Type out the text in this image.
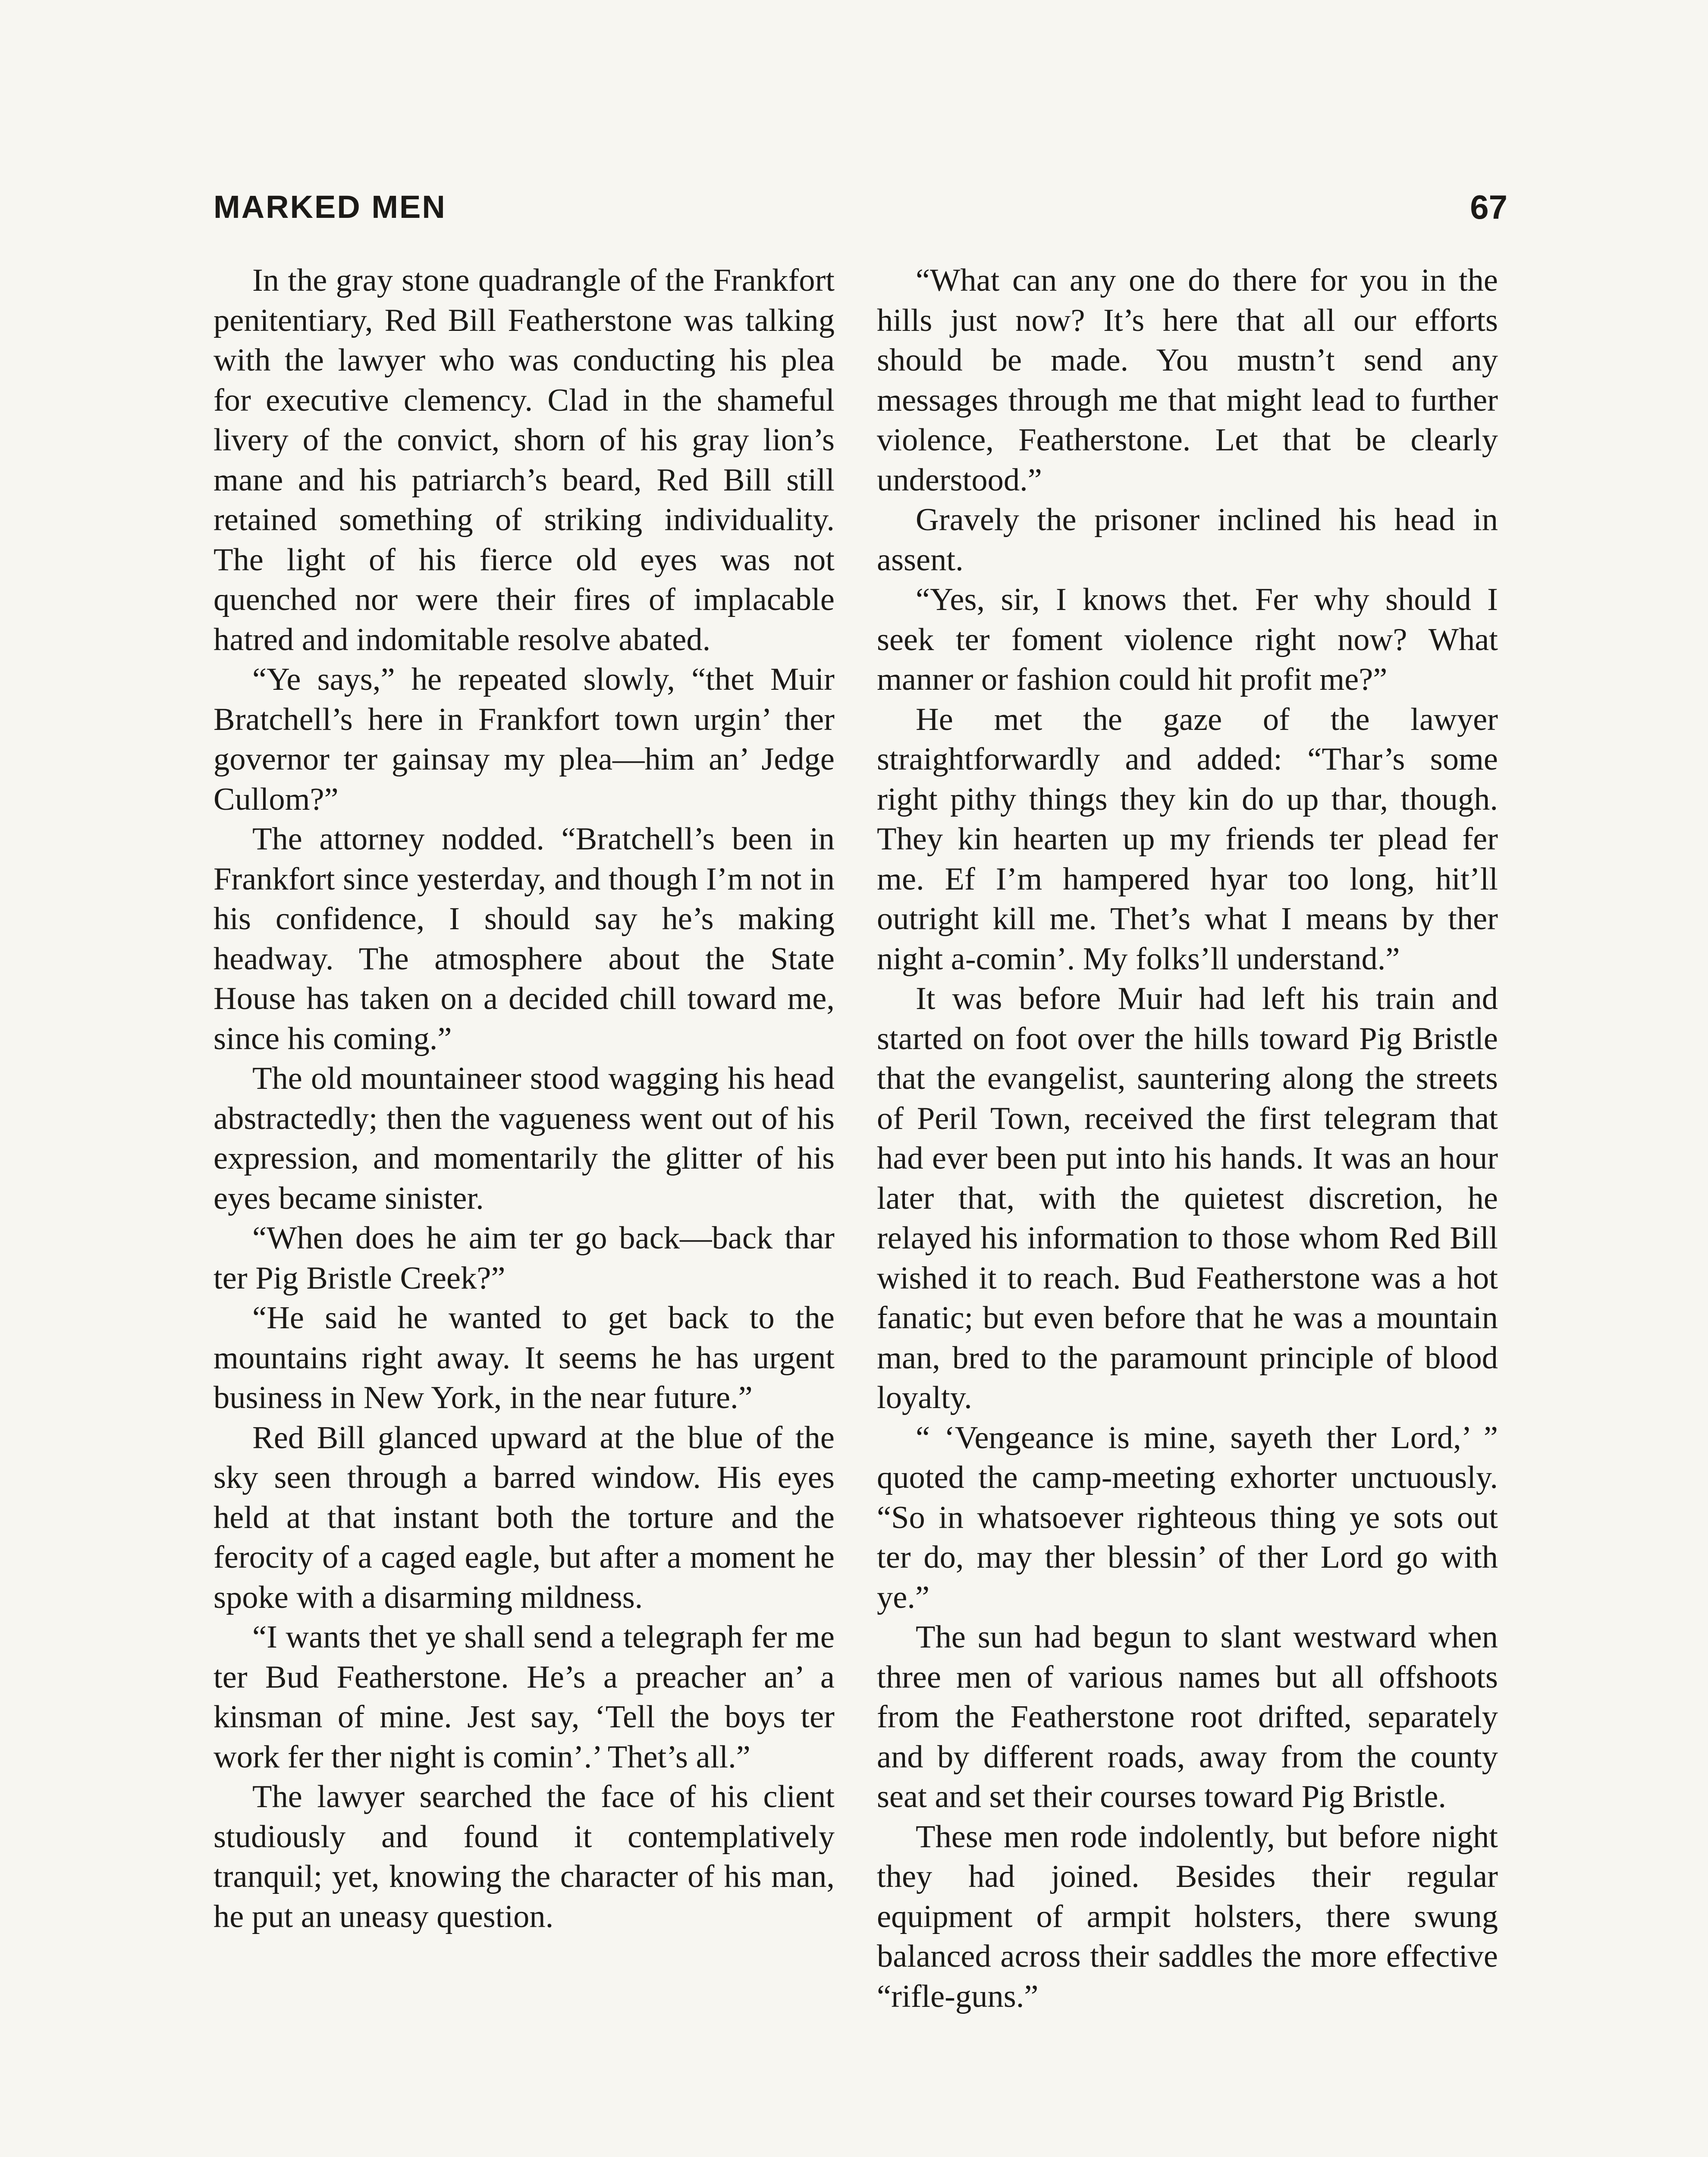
MARKED MEN	67

In the gray stone quadrangle of the Frankfort penitentiary, Red Bill Featherstone was talking with the lawyer who was conducting his plea for executive clemency. Clad in the shameful livery of the convict, shorn of his gray lion’s mane and his patriarch’s beard, Red Bill still retained something of striking individuality. The light of his fierce old eyes was not quenched nor were their fires of implacable hatred and indomitable resolve abated.

“Ye says,” he repeated slowly, “thet Muir Bratchell’s here in Frankfort town urgin’ ther governor ter gainsay my plea—him an’ Jedge Cullom?”

The attorney nodded. “Bratchell’s been in Frankfort since yesterday, and though I’m not in his confidence, I should say he’s making headway. The atmosphere about the State House has taken on a decided chill toward me, since his coming.”

The old mountaineer stood wagging his head abstractedly; then the vagueness went out of his expression, and momentarily the glitter of his eyes became sinister.

“When does he aim ter go back—back thar ter Pig Bristle Creek?”

“He said he wanted to get back to the mountains right away. It seems he has urgent business in New York, in the near future.”

Red Bill glanced upward at the blue of the sky seen through a barred window. His eyes held at that instant both the torture and the ferocity of a caged eagle, but after a moment he spoke with a disarming mildness.

“I wants thet ye shall send a telegraph fer me ter Bud Featherstone. He’s a preacher an’ a kinsman of mine. Jest say, ‘Tell the boys ter work fer ther night is comin’.’ Thet’s all.”

The lawyer searched the face of his client studiously and found it contemplatively tranquil; yet, knowing the character of his man, he put an uneasy question.

“What can any one do there for you in the hills just now? It’s here that all our efforts should be made. You mustn’t send any messages through me that might lead to further violence, Featherstone. Let that be clearly understood.”

Gravely the prisoner inclined his head in assent.

“Yes, sir, I knows thet. Fer why should I seek ter foment violence right now? What manner or fashion could hit profit me?”

He met the gaze of the lawyer straightforwardly and added: “Thar’s some right pithy things they kin do up thar, though. They kin hearten up my friends ter plead fer me. Ef I’m hampered hyar too long, hit’ll outright kill me. Thet’s what I means by ther night a-comin’. My folks’ll understand.”

It was before Muir had left his train and started on foot over the hills toward Pig Bristle that the evangelist, sauntering along the streets of Peril Town, received the first telegram that had ever been put into his hands. It was an hour later that, with the quietest discretion, he relayed his information to those whom Red Bill wished it to reach. Bud Featherstone was a hot fanatic; but even before that he was a mountain man, bred to the paramount principle of blood loyalty.

“ ‘Vengeance is mine, sayeth ther Lord,’ ” quoted the camp-meeting exhorter unctuously. “So in whatsoever righteous thing ye sots out ter do, may ther blessin’ of ther Lord go with ye.”

The sun had begun to slant westward when three men of various names but all offshoots from the Featherstone root drifted, separately and by different roads, away from the county seat and set their courses toward Pig Bristle.

These men rode indolently, but before night they had joined. Besides their regular equipment of armpit holsters, there swung balanced across their saddles the more effective “rifle-guns.”
